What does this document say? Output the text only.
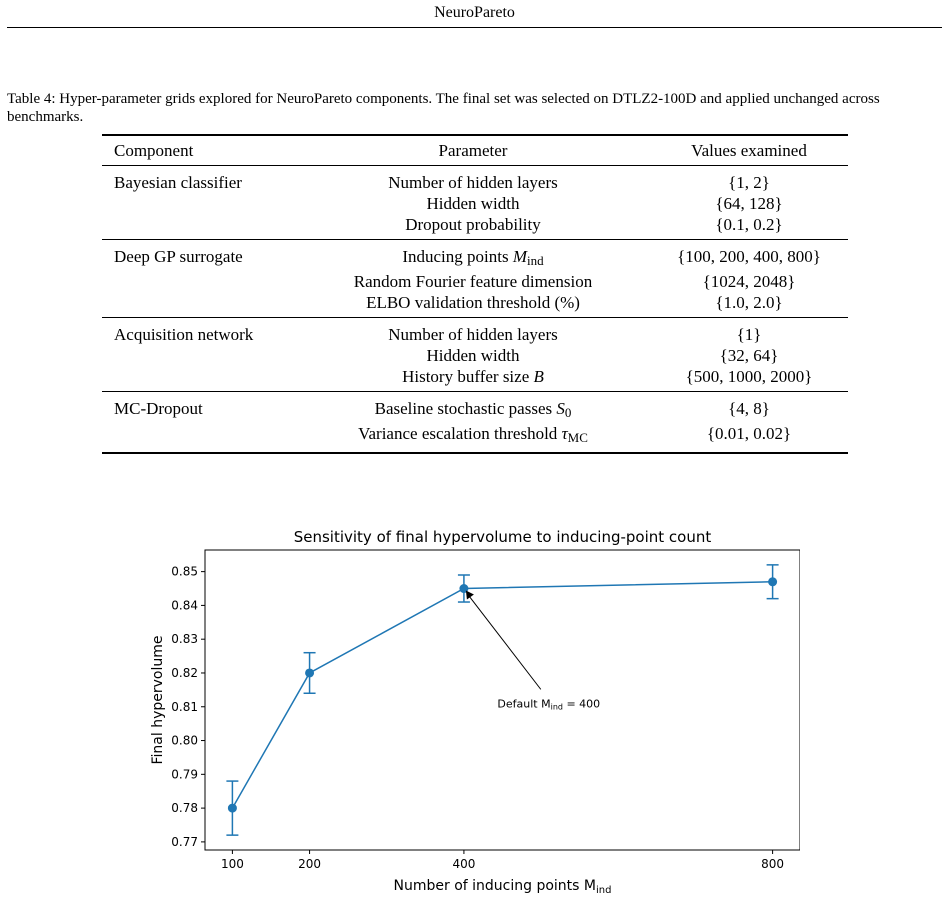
NeuroPareto
Table 4: Hyper-parameter grids explored for NeuroPareto components. The final set was selected on DTLZ2-100D and applied unchanged across benchmarks.
Component	Parameter	Values examined
Bayesian classifier	Number of hidden layers	{1, 2}
	Hidden width	{64, 128}
	Dropout probability	{0.1, 0.2}
Deep GP surrogate	Inducing points $M_{ind}$	{100, 200, 400, 800}
	Random Fourier feature dimension	{1024, 2048}
	ELBO validation threshold (%)	{1.0, 2.0}
Acquisition network	Number of hidden layers	{1}
	Hidden width	{32, 64}
	History buffer size B	{500, 1000, 2000}
MC-Dropout	Baseline stochastic passes $S_0$	{4, 8}
	Variance escalation threshold $\tau_{MC}$	{0.01, 0.02}
Sensitivity of final hypervolume to inducing-point count
0.77
0.78
0.79
0.80
0.81
0.82
0.83
0.84
0.85
100	200	400	800
Number of inducing points $M_{ind}$
Final hypervolume	Default Mind = 400
